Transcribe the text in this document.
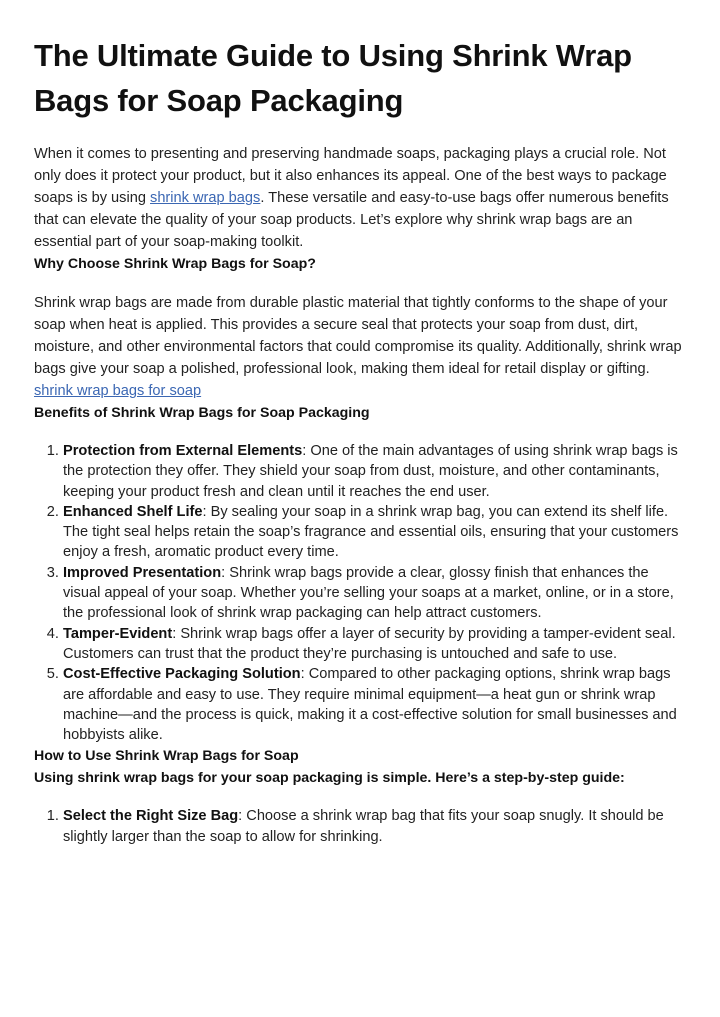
The Ultimate Guide to Using Shrink Wrap Bags for Soap Packaging

When it comes to presenting and preserving handmade soaps, packaging plays a crucial role. Not only does it protect your product, but it also enhances its appeal. One of the best ways to package soaps is by using shrink wrap bags. These versatile and easy-to-use bags offer numerous benefits that can elevate the quality of your soap products. Let’s explore why shrink wrap bags are an essential part of your soap-making toolkit.

Why Choose Shrink Wrap Bags for Soap?

Shrink wrap bags are made from durable plastic material that tightly conforms to the shape of your soap when heat is applied. This provides a secure seal that protects your soap from dust, dirt, moisture, and other environmental factors that could compromise its quality. Additionally, shrink wrap bags give your soap a polished, professional look, making them ideal for retail display or gifting. shrink wrap bags for soap

Benefits of Shrink Wrap Bags for Soap Packaging

1. Protection from External Elements: One of the main advantages of using shrink wrap bags is the protection they offer. They shield your soap from dust, moisture, and other contaminants, keeping your product fresh and clean until it reaches the end user.
2. Enhanced Shelf Life: By sealing your soap in a shrink wrap bag, you can extend its shelf life. The tight seal helps retain the soap’s fragrance and essential oils, ensuring that your customers enjoy a fresh, aromatic product every time.
3. Improved Presentation: Shrink wrap bags provide a clear, glossy finish that enhances the visual appeal of your soap. Whether you’re selling your soaps at a market, online, or in a store, the professional look of shrink wrap packaging can help attract customers.
4. Tamper-Evident: Shrink wrap bags offer a layer of security by providing a tamper-evident seal. Customers can trust that the product they’re purchasing is untouched and safe to use.
5. Cost-Effective Packaging Solution: Compared to other packaging options, shrink wrap bags are affordable and easy to use. They require minimal equipment—a heat gun or shrink wrap machine—and the process is quick, making it a cost-effective solution for small businesses and hobbyists alike.

How to Use Shrink Wrap Bags for Soap

Using shrink wrap bags for your soap packaging is simple. Here’s a step-by-step guide:

1. Select the Right Size Bag: Choose a shrink wrap bag that fits your soap snugly. It should be slightly larger than the soap to allow for shrinking.
